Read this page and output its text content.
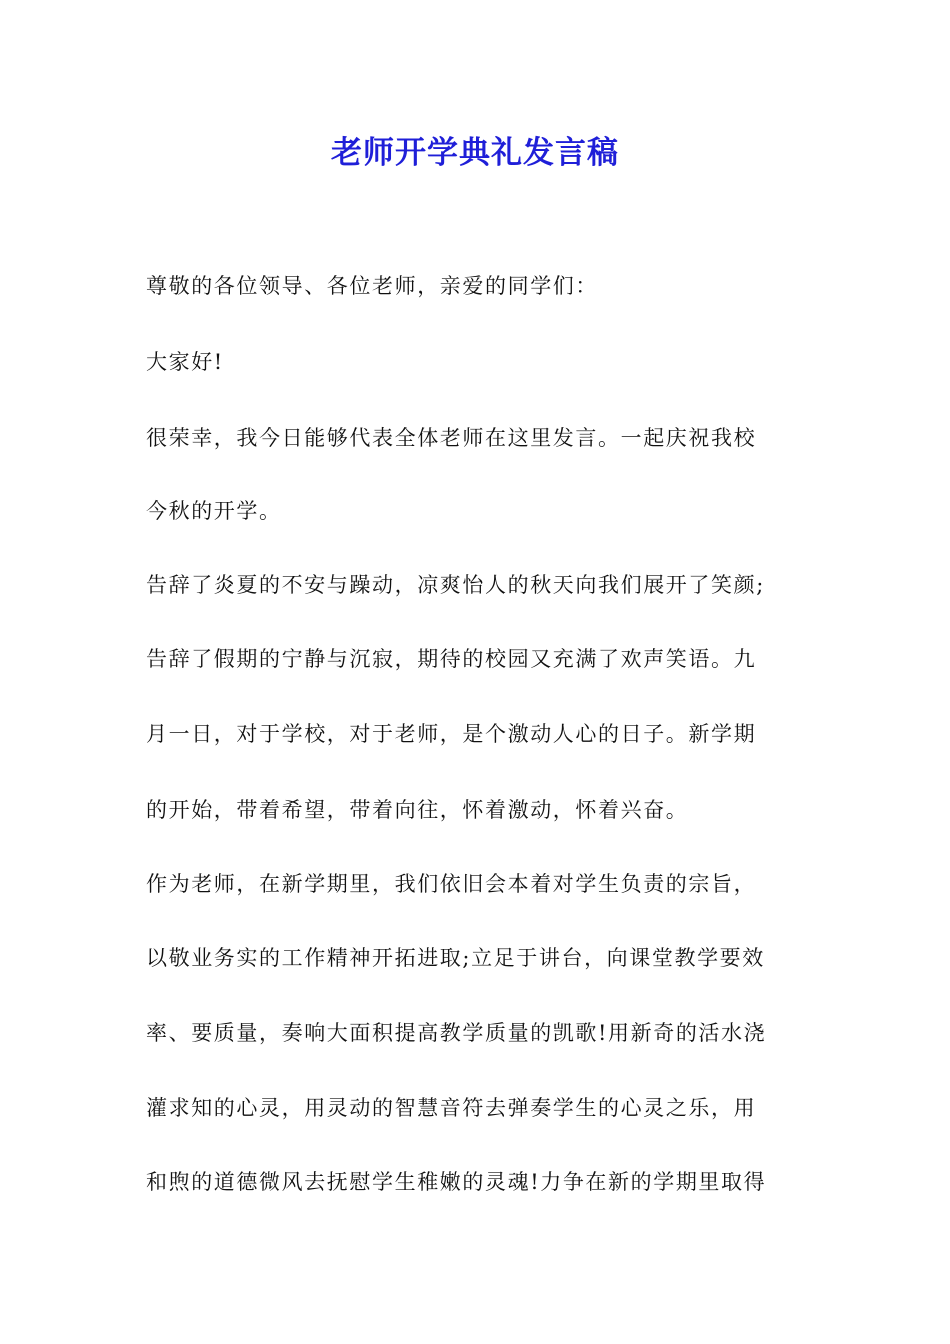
老师开学典礼发言稿
尊敬的各位领导、各位老师，亲爱的同学们：
大家好!
很荣幸，我今日能够代表全体老师在这里发言。一起庆祝我校
今秋的开学。
告辞了炎夏的不安与躁动，凉爽怡人的秋天向我们展开了笑颜;
告辞了假期的宁静与沉寂，期待的校园又充满了欢声笑语。九
月一日，对于学校，对于老师，是个激动人心的日子。新学期
的开始，带着希望，带着向往，怀着激动，怀着兴奋。
作为老师，在新学期里，我们依旧会本着对学生负责的宗旨，
以敬业务实的工作精神开拓进取;立足于讲台，向课堂教学要效
率、要质量，奏响大面积提高教学质量的凯歌!用新奇的活水浇
灌求知的心灵，用灵动的智慧音符去弹奏学生的心灵之乐，用
和煦的道德微风去抚慰学生稚嫩的灵魂!力争在新的学期里取得
